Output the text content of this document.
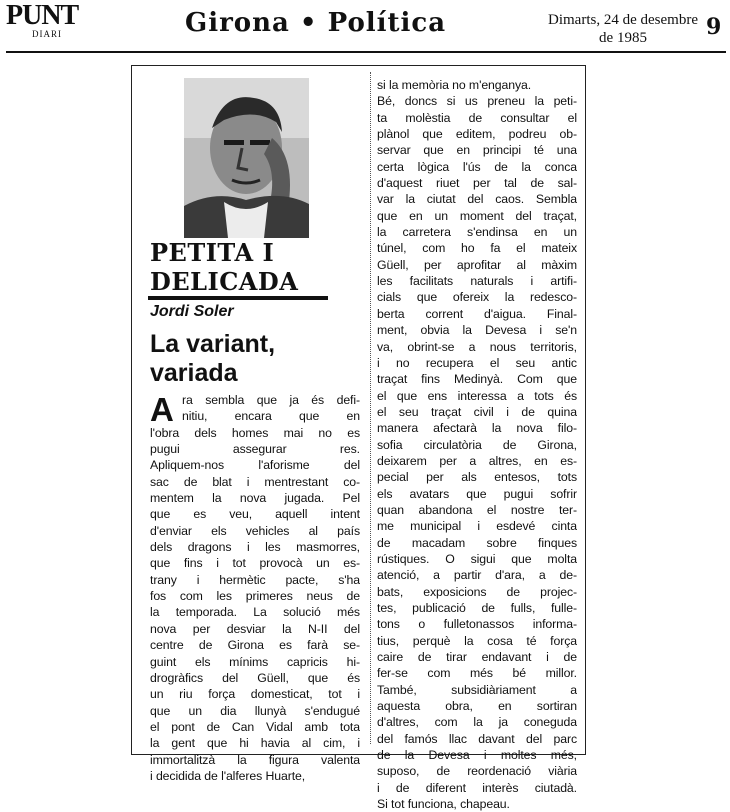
PUNT
DIARI	Girona • Política	Dimarts, 24 de desembre
de 1985	9
PETITA I
DELICADA
Jordi Soler
La variant,
variada
A ra sembla que ja és defi-
nitiu, encara que en
l'obra dels homes mai no es
pugui assegurar res.
Apliquem-nos l'aforisme del
sac de blat i mentrestant co-
mentem la nova jugada. Pel
que es veu, aquell intent
d'enviar els vehicles al país
dels dragons i les masmorres,
que fins i tot provocà un es-
trany i hermètic pacte, s'ha
fos com les primeres neus de
la temporada. La solució més
nova per desviar la N-II del
centre de Girona es farà se-
guint els mínims capricis hi-
drogràfics del Güell, que és
un riu força domesticat, tot i
que un dia llunyà s'endugué
el pont de Can Vidal amb tota
la gent que hi havia al cim, i
immortalitzà la figura valenta
i decidida de l'alferes Huarte,
si la memòria no m'enganya.
Bé, doncs si us preneu la peti-
ta molèstia de consultar el
plànol que editem, podreu ob-
servar que en principi té una
certa lògica l'ús de la conca
d'aquest riuet per tal de sal-
var la ciutat del caos. Sembla
que en un moment del traçat,
la carretera s'endinsa en un
túnel, com ho fa el mateix
Güell, per aprofitar al màxim
les facilitats naturals i artifi-
cials que ofereix la redesco-
berta corrent d'aigua. Final-
ment, obvia la Devesa i se'n
va, obrint-se a nous territoris,
i no recupera el seu antic
traçat fins Medinyà. Com que
el que ens interessa a tots és
el seu traçat civil i de quina
manera afectarà la nova filo-
sofia circulatòria de Girona,
deixarem per a altres, en es-
pecial per als entesos, tots
els avatars que pugui sofrir
quan abandona el nostre ter-
me municipal i esdevé cinta
de macadam sobre finques
rústiques. O sigui que molta
atenció, a partir d'ara, a de-
bats, exposicions de projec-
tes, publicació de fulls, fulle-
tons o fulletonassos informa-
tius, perquè la cosa té força
caire de tirar endavant i de
fer-se com més bé millor.
També, subsidiàriament a
aquesta obra, en sortiran
d'altres, com la ja coneguda
del famós llac davant del parc
de la Devesa i moltes més,
suposo, de reordenació viària
i de diferent interès ciutadà.
Si tot funciona, chapeau.
